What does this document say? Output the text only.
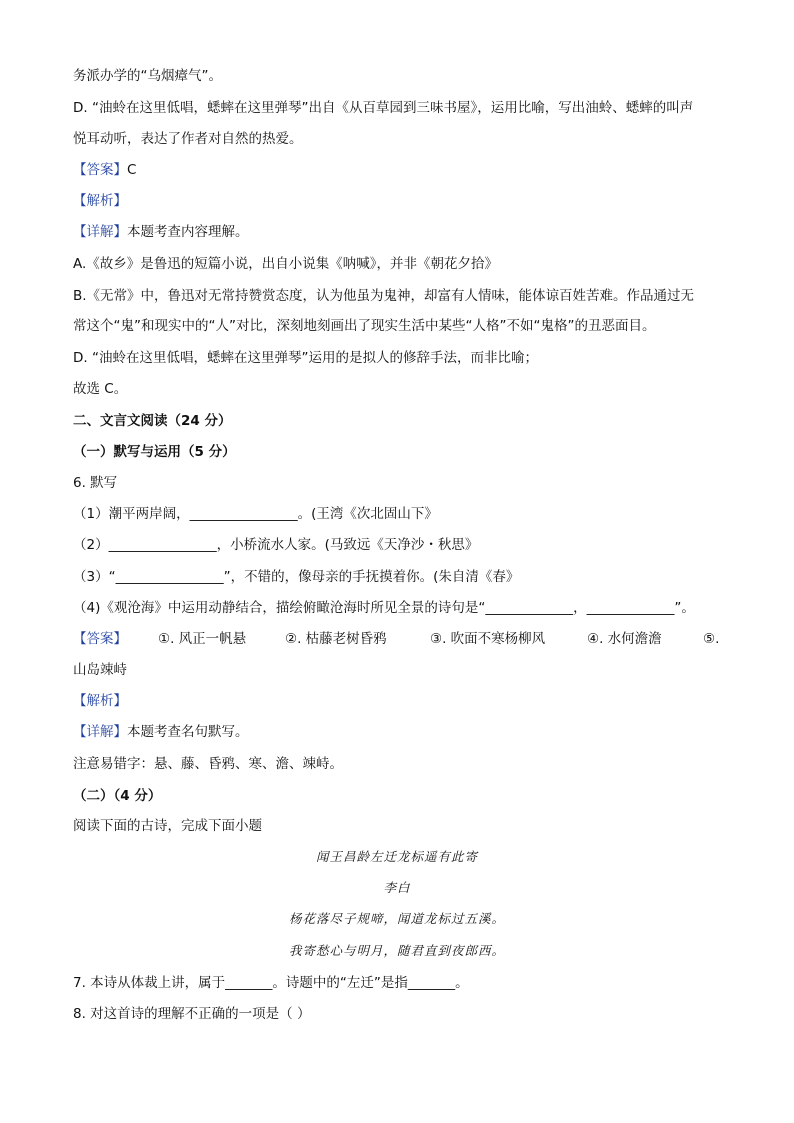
务派办学的“乌烟瘴气”。
D. “油蛉在这里低唱，蟋蟀在这里弹琴”出自《从百草园到三味书屋》，运用比喻，写出油蛉、蟋蟀的叫声
悦耳动听，表达了作者对自然的热爱。
【答案】C
【解析】
【详解】本题考查内容理解。
A.《故乡》是鲁迅的短篇小说，出自小说集《呐喊》，并非《朝花夕拾》
B.《无常》中，鲁迅对无常持赞赏态度，认为他虽为鬼神，却富有人情味，能体谅百姓苦难。作品通过无
常这个“鬼”和现实中的“人”对比，深刻地刻画出了现实生活中某些“人格”不如“鬼格”的丑恶面目。
D. “油蛉在这里低唱，蟋蟀在这里弹琴”运用的是拟人的修辞手法，而非比喻；
故选 C。
二、文言文阅读（24 分）
（一）默写与运用（5 分）
6. 默写
（1）潮平两岸阔，________________。(王湾《次北固山下》
（2）________________，小桥流水人家。(马致远《天净沙・秋思》
（3）“________________”，不错的，像母亲的手抚摸着你。(朱自清《春》
（4)《观沧海》中运用动静结合，描绘俯瞰沧海时所见全景的诗句是“_____________，_____________”。
【答案】 ①. 风正一帆悬	②. 枯藤老树昏鸦	③. 吹面不寒杨柳风	④. 水何澹澹	⑤.
山岛竦峙
【解析】
【详解】本题考查名句默写。
注意易错字：悬、藤、昏鸦、寒、澹、竦峙。
（二）（4 分）
阅读下面的古诗，完成下面小题
闻王昌龄左迁龙标遥有此寄
李白
杨花落尽子规啼，闻道龙标过五溪。
我寄愁心与明月，随君直到夜郎西。
7. 本诗从体裁上讲，属于_______。诗题中的“左迁”是指_______。
8. 对这首诗的理解不正确的一项是（ ）
